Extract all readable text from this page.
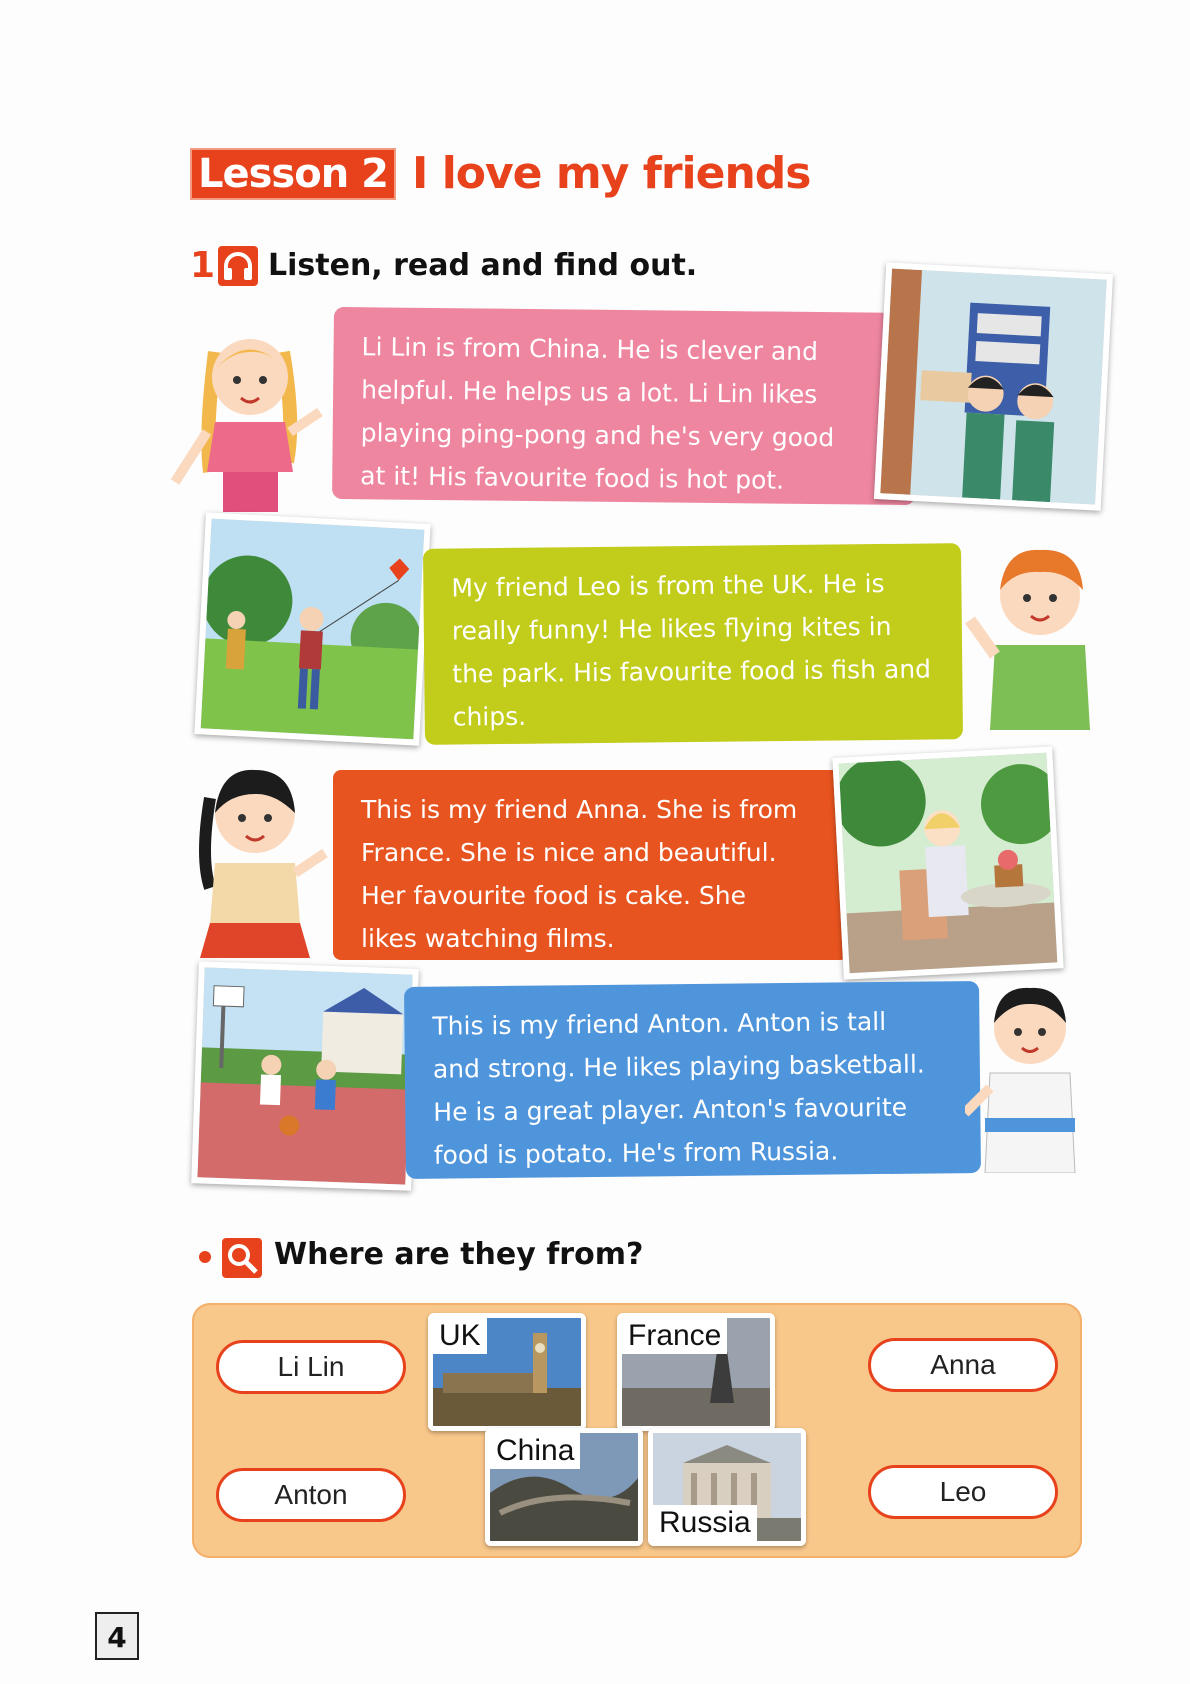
Lesson 2 I love my friends
1 Listen, read and find out.

Li Lin is from China. He is clever and

helpful. He helps us a lot. Li Lin likes

playing ping-pong and he's very good

at it! His favourite food is hot pot.

My friend Leo is from the UK. He is

really funny! He likes flying kites in

the park. His favourite food is fish and

chips.

This is my friend Anna. She is from

France. She is nice and beautiful.

Her favourite food is cake. She

likes watching films.

This is my friend Anton. Anton is tall

and strong. He likes playing basketball.

He is a great player. Anton's favourite

food is potato. He's from Russia.

Where are they from?
Li Lin
Anton
Anna
Leo
UK	France
China
Russia
4
